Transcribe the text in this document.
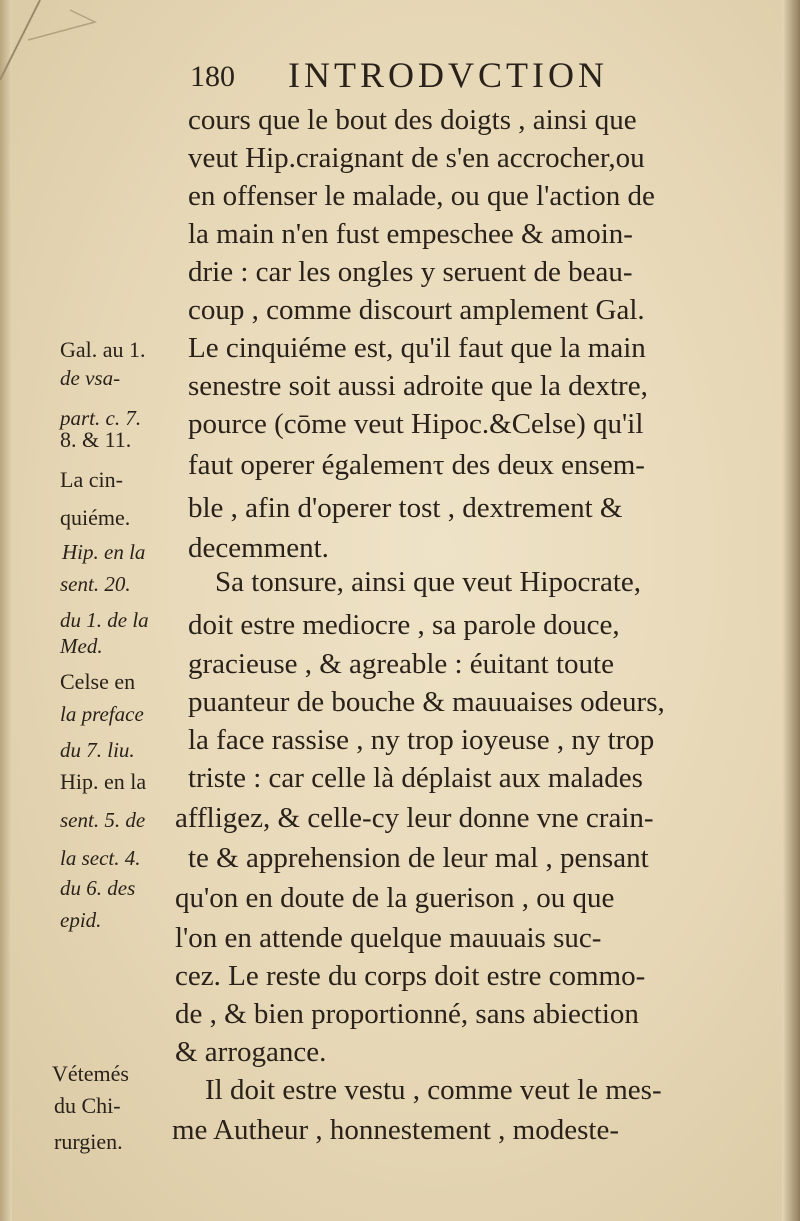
180 INTRODVCTION
cours que le bout des doigts , ainsi que
veut Hip.craignant de s'en accrocher,ou
en offenser le malade, ou que l'action de
la main n'en fust empeschee & amoin-
drie : car les ongles y seruent de beau-
coup , comme discourt amplement Gal.
Le cinquiéme est, qu'il faut que la main
senestre soit aussi adroite que la dextre,
pource (cōme veut Hipoc.&Celse) qu'il
faut operer égalemenτ des deux ensem-
ble , afin d'operer tost , dextrement &
decemment.
Sa tonsure, ainsi que veut Hipocrate,
doit estre mediocre , sa parole douce,
gracieuse , & agreable : éuitant toute
puanteur de bouche & mauuaises odeurs,
la face rassise , ny trop ioyeuse , ny trop
triste : car celle là déplaist aux malades
affligez, & celle-cy leur donne vne crain-
te & apprehension de leur mal , pensant
qu'on en doute de la guerison , ou que
l'on en attende quelque mauuais suc-
cez. Le reste du corps doit estre commo-
de , & bien proportionné, sans abiection
& arrogance.
Il doit estre vestu , comme veut le mes-
me Autheur , honnestement , modeste-
Gal. au 1.
de vsa-
part. c. 7.
8. & 11.
La cin-
quiéme.
Hip. en la
sent. 20.
du 1. de la
Med.
Celse en
la preface
du 7. liu.
Hip. en la
sent. 5. de
la sect. 4.
du 6. des
epid.
Vétemés
du Chi-
rurgien.
